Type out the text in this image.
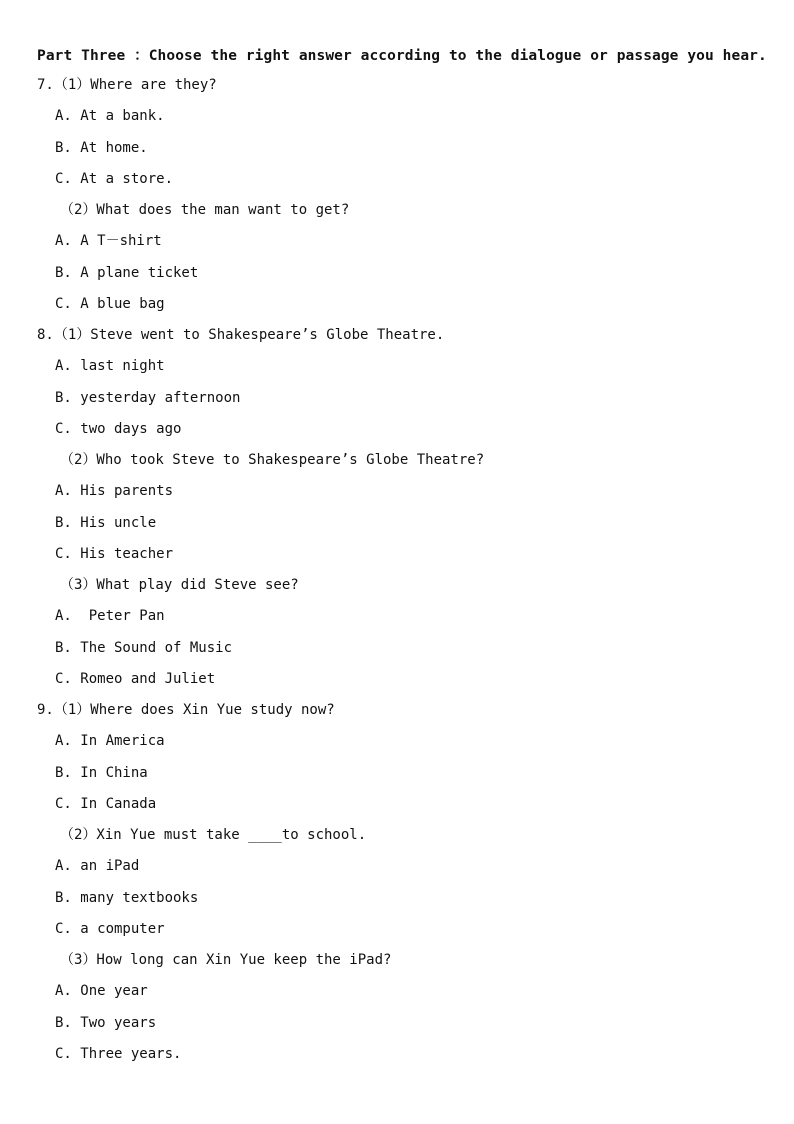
Part Three ：Choose the right answer according to the dialogue or passage you hear.
7.（1）Where are they?
A. At a bank.
B. At home.
C. At a store.
（2）What does the man want to get?
A. A T－shirt
B. A plane ticket
C. A blue bag
8.（1）Steve went to Shakespeare’s Globe Theatre.
A. last night
B. yesterday afternoon
C. two days ago
（2）Who took Steve to Shakespeare’s Globe Theatre?
A. His parents
B. His uncle
C. His teacher
（3）What play did Steve see?
A.  Peter Pan
B. The Sound of Music
C. Romeo and Juliet
9.（1）Where does Xin Yue study now?
A. In America
B. In China
C. In Canada
（2）Xin Yue must take ____to school.
A. an iPad
B. many textbooks
C. a computer
（3）How long can Xin Yue keep the iPad?
A. One year
B. Two years
C. Three years.
